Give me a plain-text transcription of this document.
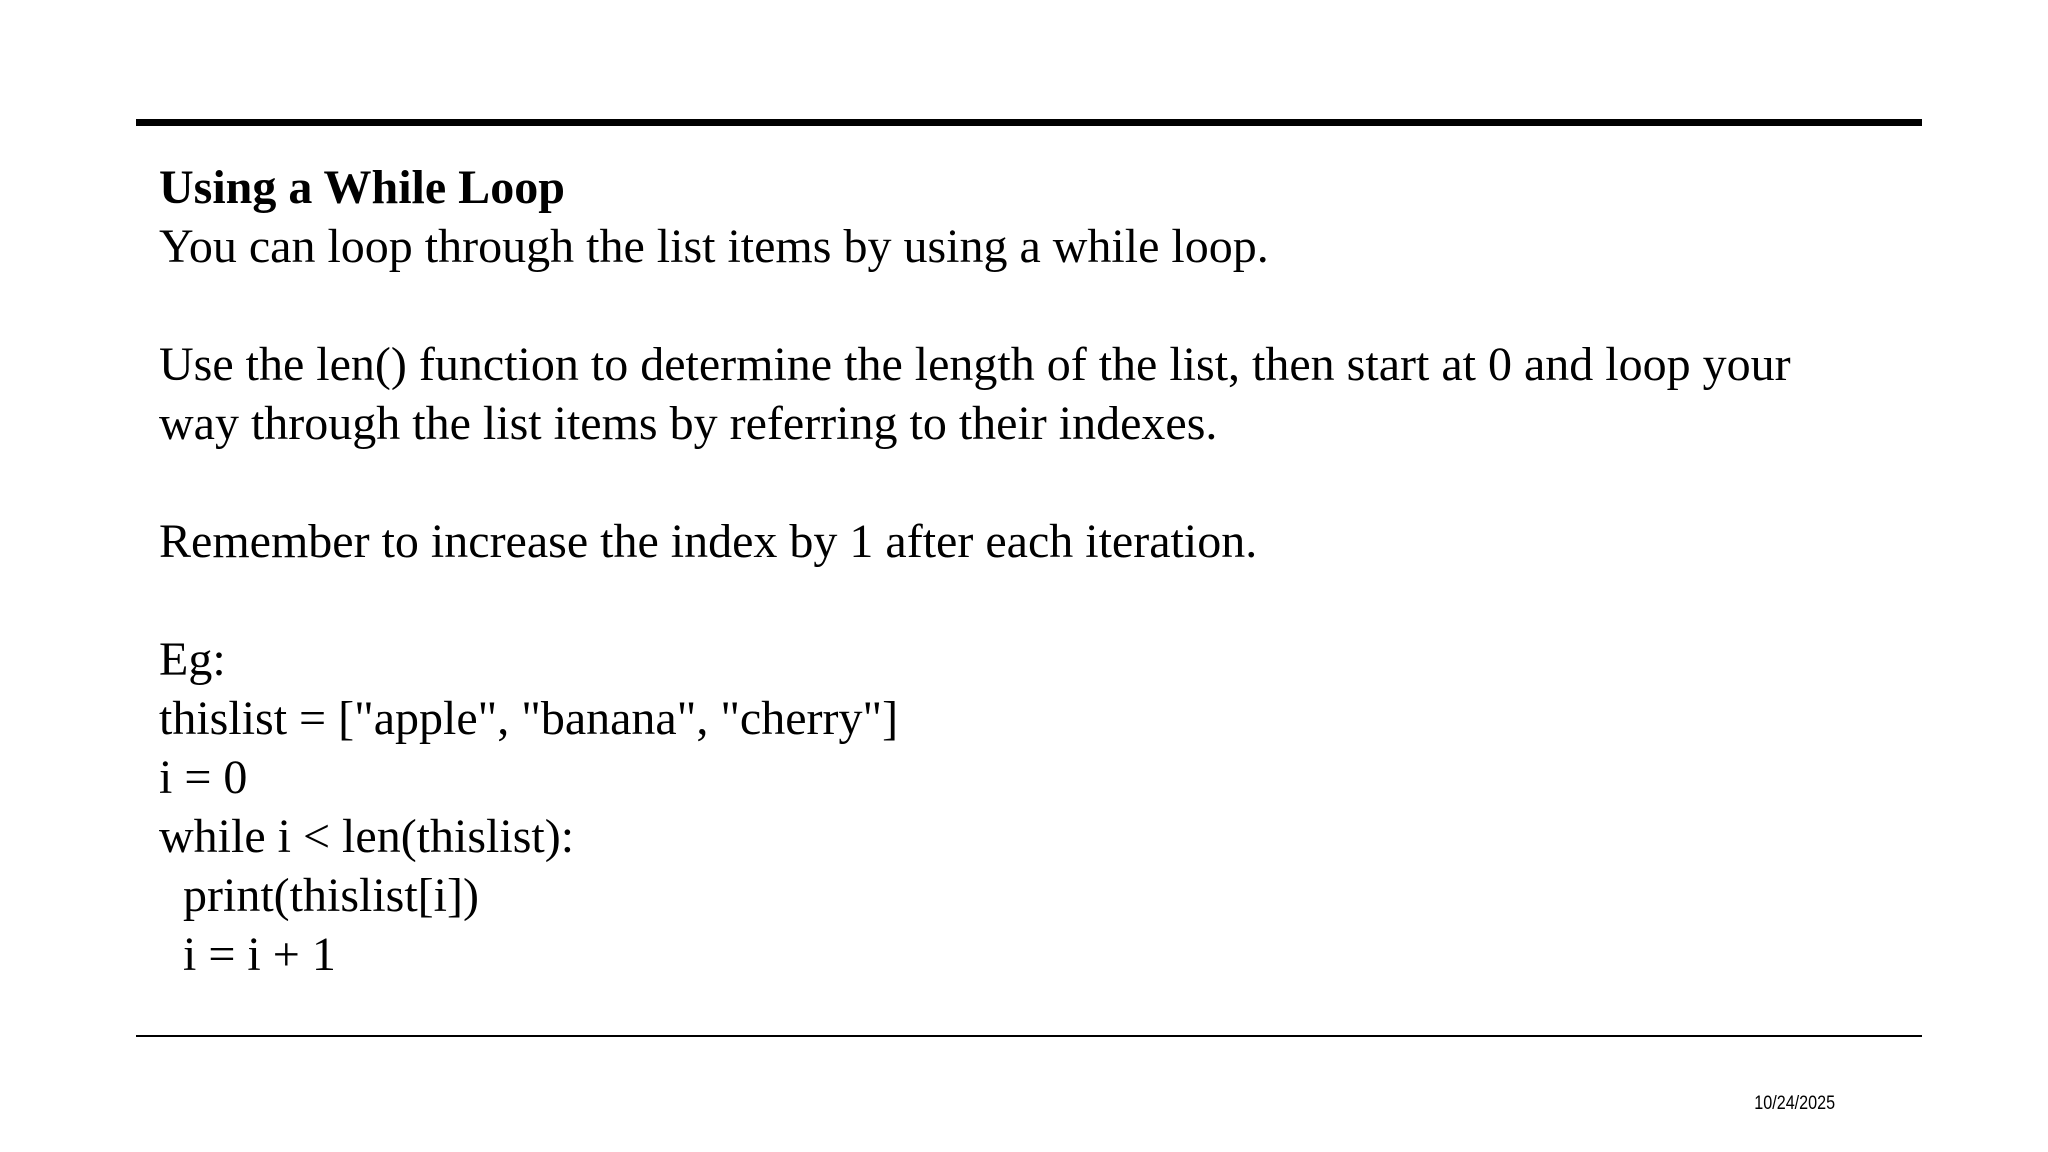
Using a While Loop
You can loop through the list items by using a while loop.
Use the len() function to determine the length of the list, then start at 0 and loop your
way through the list items by referring to their indexes.
Remember to increase the index by 1 after each iteration.
Eg:
thislist = ["apple", "banana", "cherry"]
i = 0
while i < len(thislist):
print(thislist[i])
i = i + 1
10/24/2025
